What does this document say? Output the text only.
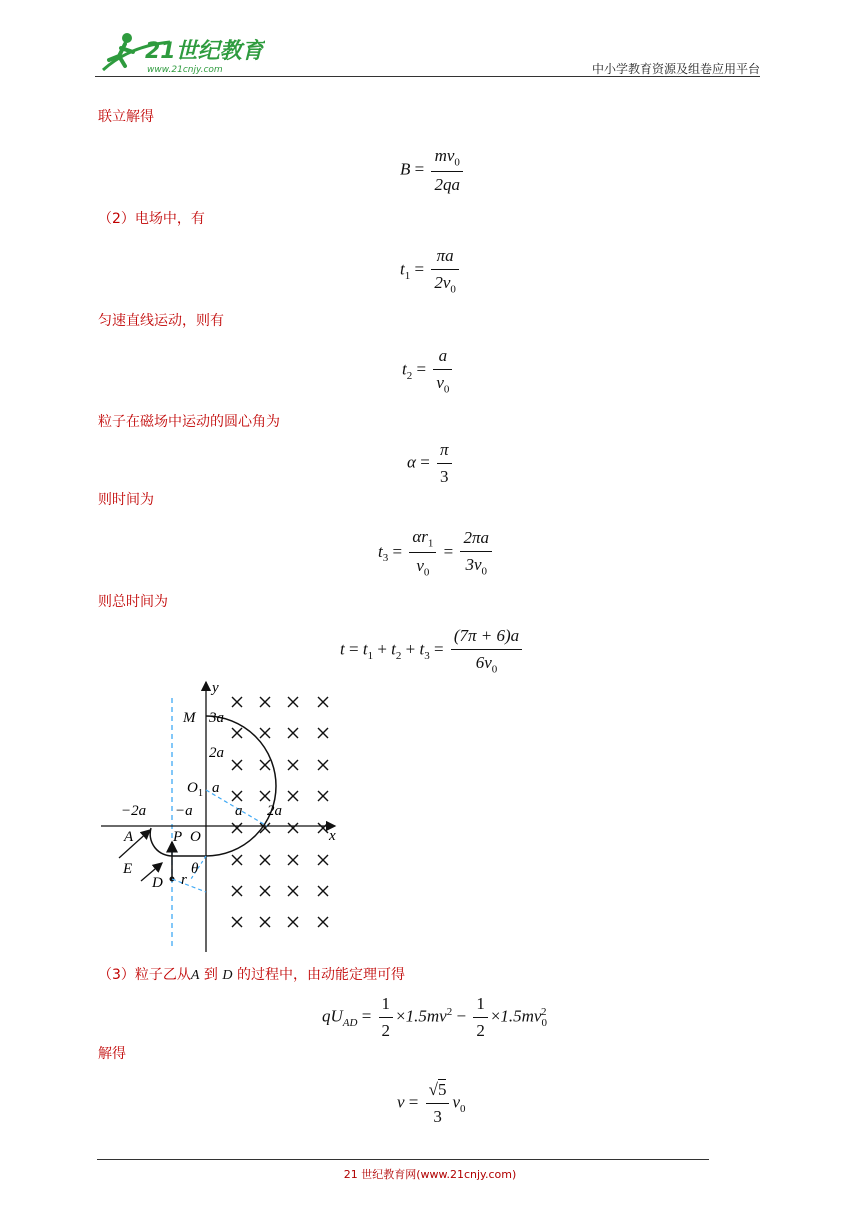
21世纪教育
www.21cnjy.com	中小学教育资源及组卷应用平台
联立解得
$B = \frac{mv_0}{2qa}$
（2）电场中，有
$t_1 = \frac{\pi a}{2v_0}$
匀速直线运动，则有
$t_2 = \frac{a}{v_0}$
粒子在磁场中运动的圆心角为
$\alpha = \frac{\pi}{3}$
则时间为
$t_3 = \frac{\alpha r_1}{v_0} = \frac{2\pi a}{3v_0}$
则总时间为
$t = t_1 + t_2 + t_3 = \frac{(7\pi + 6)a}{6v_0}$
y
x
M 3a
2a
O 1 a
−2a −a	a 2a
A	P O
E
D
θ
r
（3）粒子乙从A 到 D 的过程中，由动能定理可得
$qU_{AD} = \frac{1}{2} \times 1.5mv^2 - \frac{1}{2} \times 1.5mv_0^2$
解得
$v = \frac{√5}{3} v_0$
21 世纪教育网(www.21cnjy.com)
